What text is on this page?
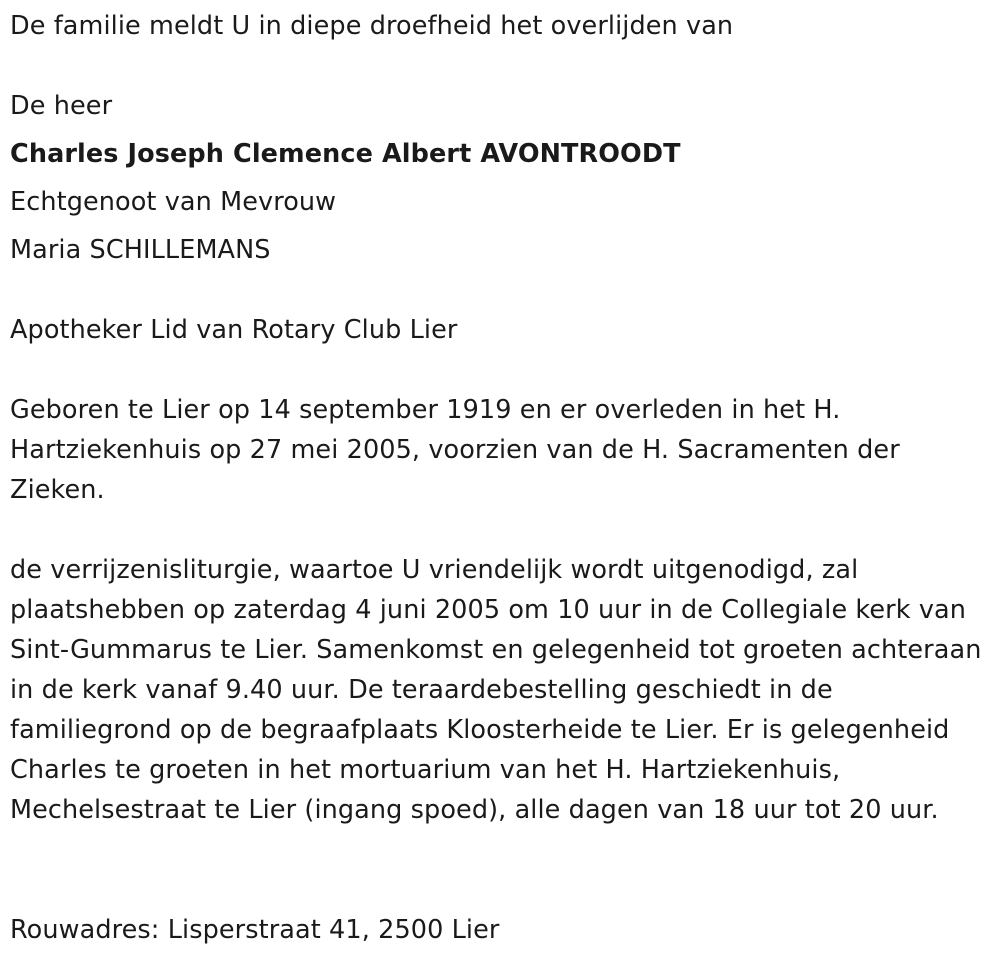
De familie meldt U in diepe droefheid het overlijden van
De heer
Charles Joseph Clemence Albert AVONTROODT
Echtgenoot van Mevrouw
Maria SCHILLEMANS
Apotheker Lid van Rotary Club Lier

Geboren te Lier op 14 september 1919 en er overleden in het H. Hartziekenhuis op 27 mei 2005, voorzien van de H. Sacramenten der Zieken.

de verrijzenisliturgie, waartoe U vriendelijk wordt uitgenodigd, zal plaatshebben op zaterdag 4 juni 2005 om 10 uur in de Collegiale kerk van Sint-Gummarus te Lier. Samenkomst en gelegenheid tot groeten achteraan in de kerk vanaf 9.40 uur. De teraardebestelling geschiedt in de familiegrond op de begraafplaats Kloosterheide te Lier. Er is gelegenheid Charles te groeten in het mortuarium van het H. Hartziekenhuis, Mechelsestraat te Lier (ingang spoed), alle dagen van 18 uur tot 20 uur.

Rouwadres: Lisperstraat 41, 2500 Lier
